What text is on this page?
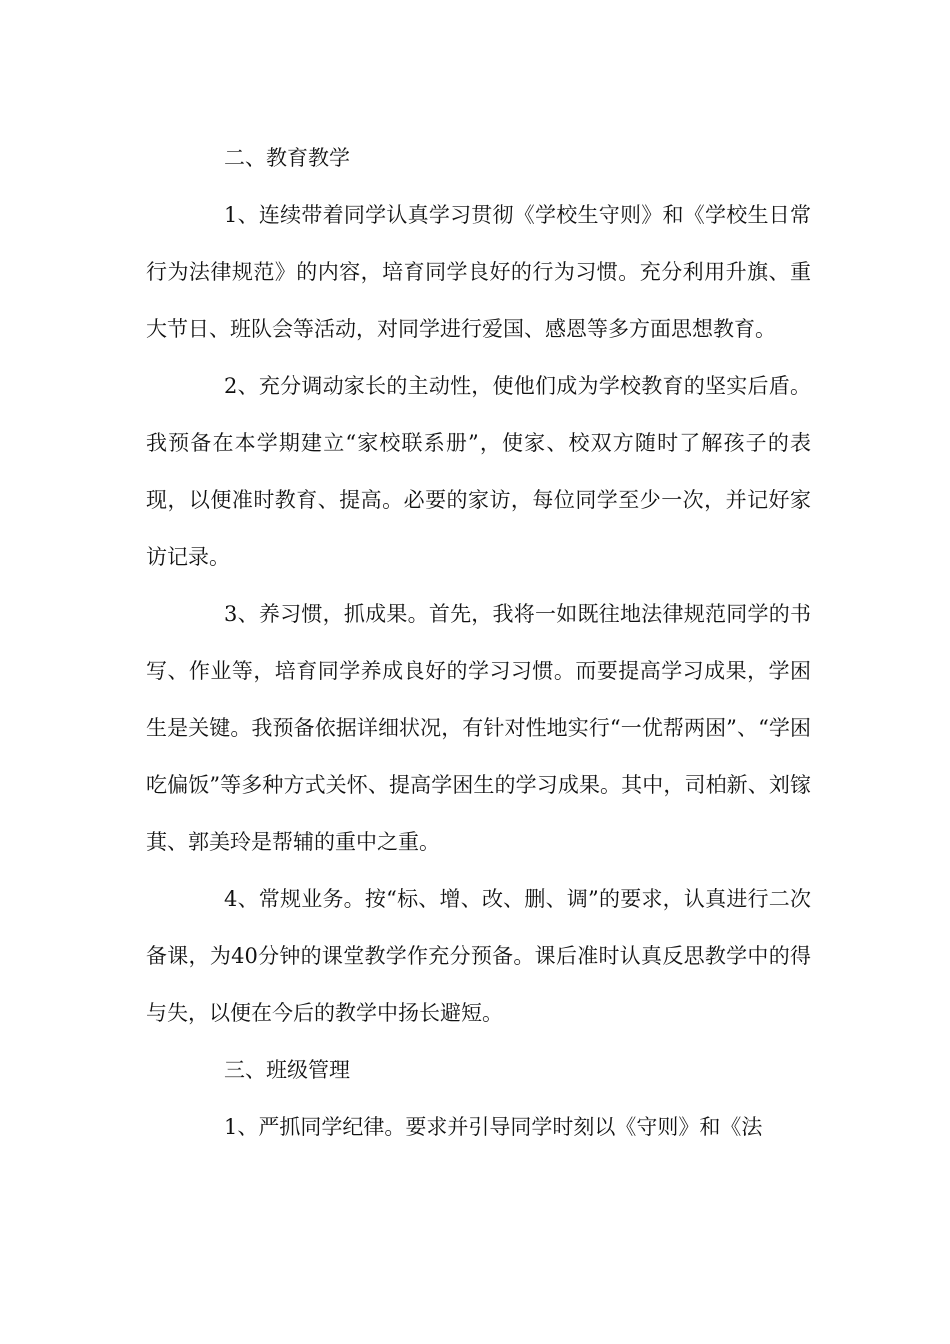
二、教育教学

1、连续带着同学认真学习贯彻《学校生守则》和《学校生日常行为法律规范》的内容，培育同学良好的行为习惯。充分利用升旗、重大节日、班队会等活动，对同学进行爱国、感恩等多方面思想教育。

2、充分调动家长的主动性，使他们成为学校教育的坚实后盾。我预备在本学期建立“家校联系册”，使家、校双方随时了解孩子的表现，以便准时教育、提高。必要的家访，每位同学至少一次，并记好家访记录。

3、养习惯，抓成果。首先，我将一如既往地法律规范同学的书写、作业等，培育同学养成良好的学习习惯。而要提高学习成果，学困生是关键。我预备依据详细状况，有针对性地实行“一优帮两困”、“学困吃偏饭”等多种方式关怀、提高学困生的学习成果。其中，司柏新、刘镓萁、郭美玲是帮辅的重中之重。

4、常规业务。按“标、增、改、删、调”的要求，认真进行二次备课，为40分钟的课堂教学作充分预备。课后准时认真反思教学中的得与失，以便在今后的教学中扬长避短。

三、班级管理

1、严抓同学纪律。要求并引导同学时刻以《守则》和《法
